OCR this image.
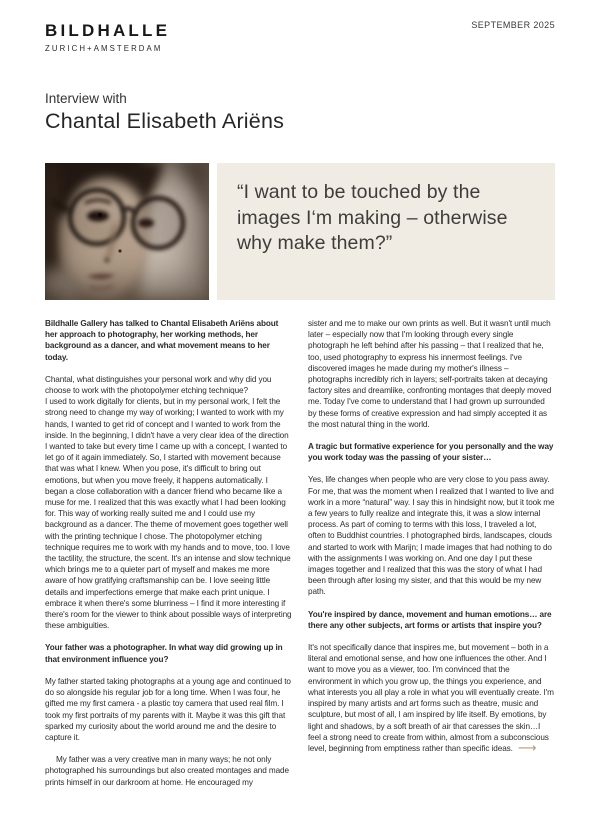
BILDHALLE
ZURICH+AMSTERDAM
SEPTEMBER 2025
Interview with
Chantal Elisabeth Ariëns
“I want to be touched by the images I‘m making – otherwise why make them?”

Bildhalle Gallery has talked to Chantal Elisabeth Ariëns about her approach to photography, her working methods, her background as a dancer, and what movement means to her today.

Chantal, what distinguishes your personal work and why did you choose to work with the photopolymer etching technique?
I used to work digitally for clients, but in my personal work, I felt the strong need to change my way of working; I wanted to work with my hands, I wanted to get rid of concept and I wanted to work from the inside. In the beginning, I didn't have a very clear idea of the direction I wanted to take but every time I came up with a concept, I wanted to let go of it again immediately. So, I started with movement because that was what I knew. When you pose, it's difficult to bring out emotions, but when you move freely, it happens automatically. I began a close collaboration with a dancer friend who became like a muse for me. I realized that this was exactly what I had been looking for. This way of working really suited me and I could use my background as a dancer. The theme of movement goes together well with the printing technique I chose. The photopolymer etching technique requires me to work with my hands and to move, too. I love the tactility, the structure, the scent. It's an intense and slow technique which brings me to a quieter part of myself and makes me more aware of how gratifying craftsmanship can be. I love seeing little details and imperfections emerge that make each print unique. I embrace it when there's some blurriness – I find it more interesting if there's room for the viewer to think about possible ways of interpreting these ambiguities.

Your father was a photographer. In what way did growing up in that environment influence you?

My father started taking photographs at a young age and continued to do so alongside his regular job for a long time. When I was four, he gifted me my first camera - a plastic toy camera that used real film. I took my first portraits of my parents with it. Maybe it was this gift that sparked my curiosity about the world around me and the desire to capture it.

My father was a very creative man in many ways; he not only photographed his surroundings but also created montages and made prints himself in our darkroom at home. He encouraged my

sister and me to make our own prints as well. But it wasn't until much later – especially now that I'm looking through every single photograph he left behind after his passing – that I realized that he, too, used photography to express his innermost feelings. I've discovered images he made during my mother's illness – photographs incredibly rich in layers; self-portraits taken at decaying factory sites and dreamlike, confronting montages that deeply moved me. Today I've come to understand that I had grown up surrounded by these forms of creative expression and had simply accepted it as the most natural thing in the world.

A tragic but formative experience for you personally and the way you work today was the passing of your sister…

Yes, life changes when people who are very close to you pass away. For me, that was the moment when I realized that I wanted to live and work in a more “natural” way. I say this in hindsight now, but it took me a few years to fully realize and integrate this, it was a slow internal process. As part of coming to terms with this loss, I traveled a lot, often to Buddhist countries. I photographed birds, landscapes, clouds and started to work with Marijn; I made images that had nothing to do with the assignments I was working on. And one day I put these images together and I realized that this was the story of what I had been through after losing my sister, and that this would be my new path.

You're inspired by dance, movement and human emotions… are there any other subjects, art forms or artists that inspire you?

It's not specifically dance that inspires me, but movement – both in a literal and emotional sense, and how one influences the other. And I want to move you as a viewer, too. I'm convinced that the environment in which you grow up, the things you experience, and what interests you all play a role in what you will eventually create. I'm inspired by many artists and art forms such as theatre, music and sculpture, but most of all, I am inspired by life itself. By emotions, by light and shadows, by a soft breath of air that caresses the skin…I feel a strong need to create from within, almost from a subconscious level, beginning from emptiness rather than specific ideas. ⟶
